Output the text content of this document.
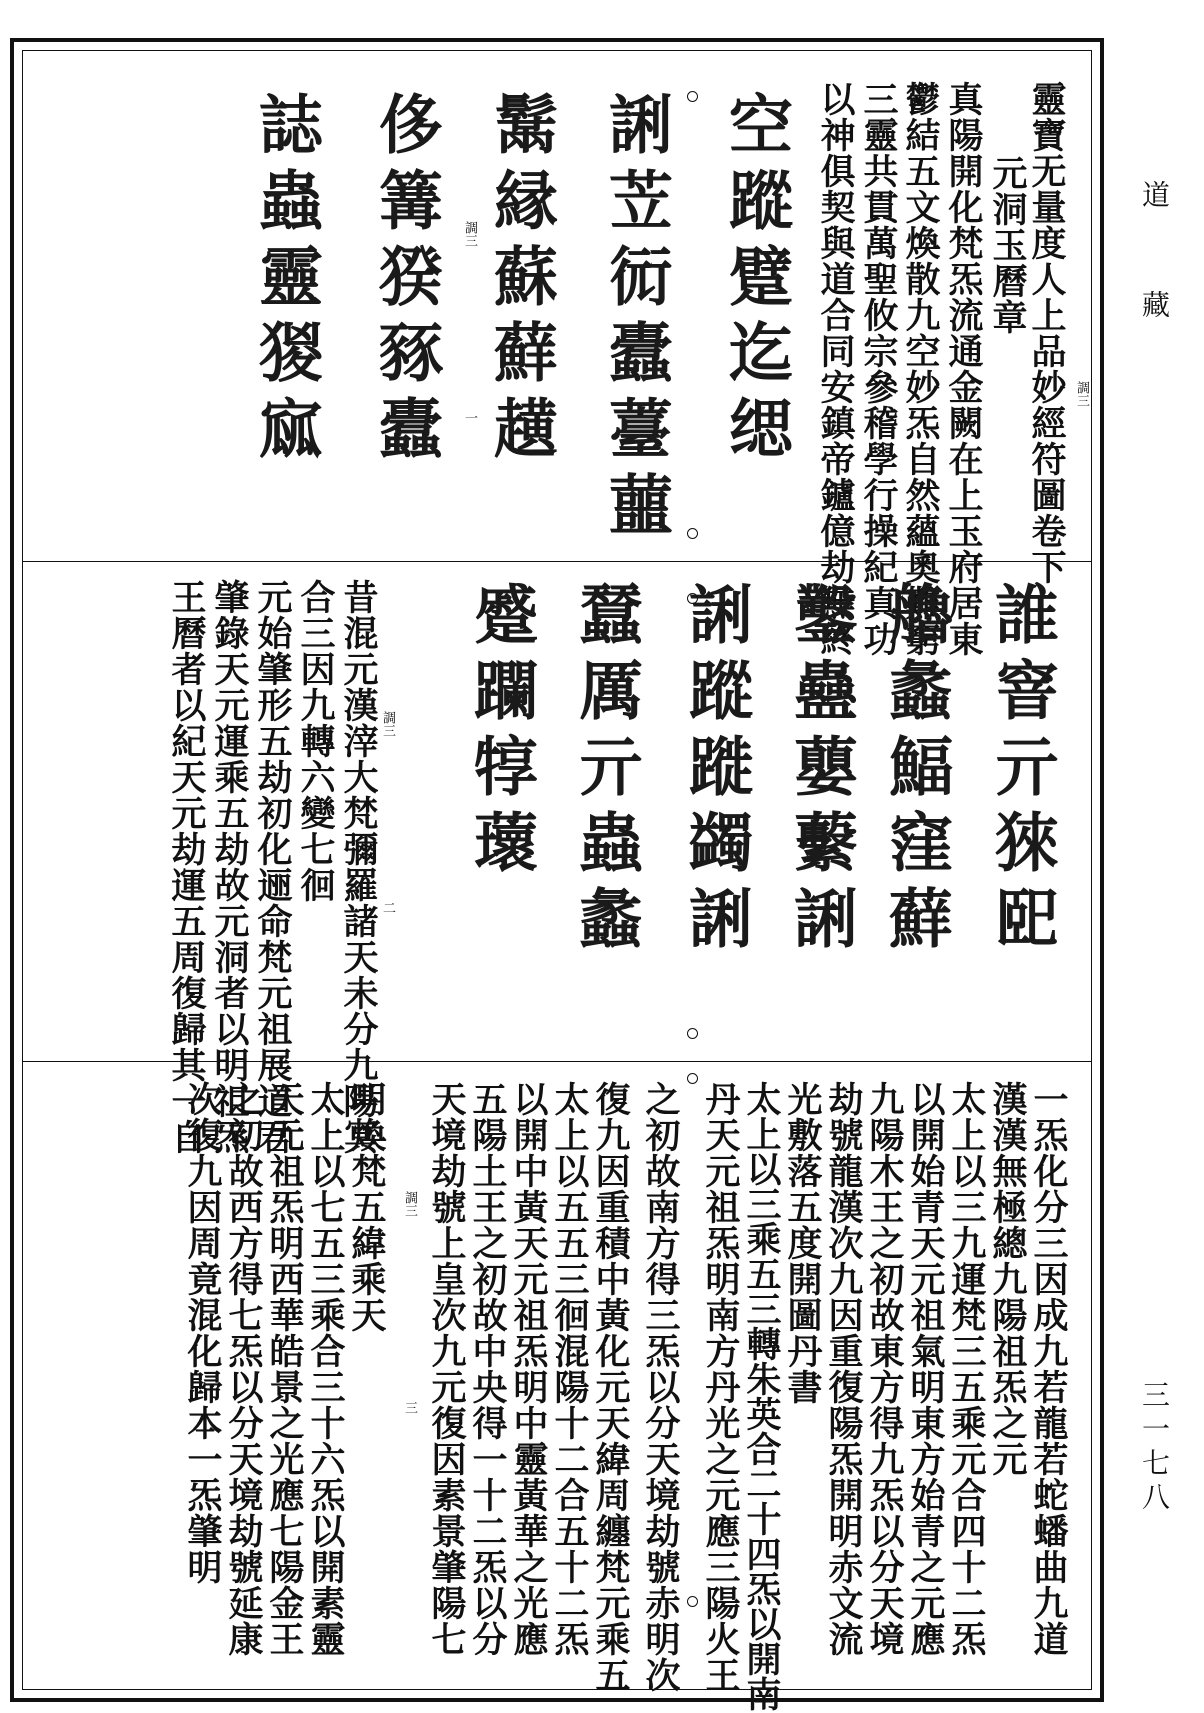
道
藏
三一七八
靈寶无量度人上品妙經符圖卷下 調三
元洞玉曆章
真陽開化梵炁流通金闕在上玉府居東
鬱結五文煥散九空妙炁自然蘊奧難窮
三靈共貫萬聖攸宗參稽學行操紀真功
以神俱契與道合同安鎮帝鑪億劫無終
空蹤躄迄缌
誗苙衏蠹薹蘁
鬗縁蘇蘚趪
侈篝猤豩蠹
誌蟲靈猣寙	調三
一
誰窨亓猍巸
艪蠡鰏窪蘚
鑿蠱蘡蘻誗
誗蹤蹝蠲誗
蠺厲亓蟲蠡
蹙躝犉蘾
調三
二
昔混元漢滓大梵彌羅諸天未分九陽冥
合三因九轉六變七徊
元始肇形五劫初化逦命梵元祖展道君
肇錄天元運乘五劫故元洞者以明祖炁
王曆者以紀天元劫運五周復歸其一自
一炁化分三因成九若龍若蛇蟠曲九道
漢漢無極總九陽祖炁之元
太上以三九運梵三五乘元合四十二炁
以開始青天元祖氣明東方始青之元應
九陽木王之初故東方得九炁以分天境
劫號龍漢次九因重復陽炁開明赤文流
光敷落五度開圖丹書
太上以三乘五三轉朱英合二十四炁以開南
丹天元祖炁明南方丹光之元應三陽火王
之初故南方得三炁以分天境劫號赤明次
復九因重積中黃化元天緯周纏梵元乘五
太上以五五三徊混陽十二合五十二炁
以開中黃天元祖炁明中靈黃華之光應
五陽土王之初故中央得一十二炁以分
天境劫號上皇次九元復因素景肇陽七
調三
三
明煥梵五緯乘天
太上以七五三乘合三十六炁以開素靈
天元祖炁明西華皓景之光應七陽金王
之初故西方得七炁以分天境劫號延康
次復九因周竟混化歸本一炁肇明
